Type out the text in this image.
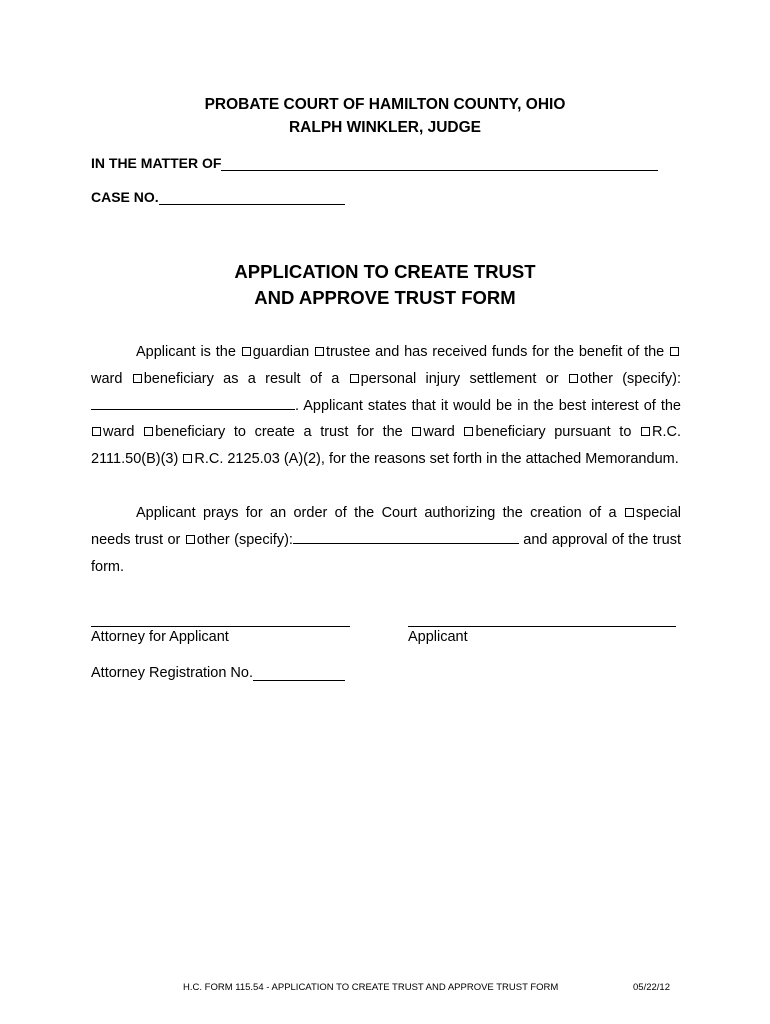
PROBATE COURT OF HAMILTON COUNTY, OHIO
RALPH WINKLER, JUDGE
IN THE MATTER OF
CASE NO.
APPLICATION TO CREATE TRUST
AND APPROVE TRUST FORM
Applicant is the guardian trustee and has received funds for the benefit of the ward beneficiary as a result of a personal injury settlement or other (specify):. Applicant states that it would be in the best interest of the ward beneficiary to create a trust for the ward beneficiary pursuant to R.C. 2111.50(B)(3) R.C. 2125.03 (A)(2), for the reasons set forth in the attached Memorandum.
Applicant prays for an order of the Court authorizing the creation of a special needs trust or other (specify):	and approval of the trust form.
Attorney for Applicant	Applicant
Attorney Registration No.
H.C. FORM 115.54 - APPLICATION TO CREATE TRUST AND APPROVE TRUST FORM	05/22/12
